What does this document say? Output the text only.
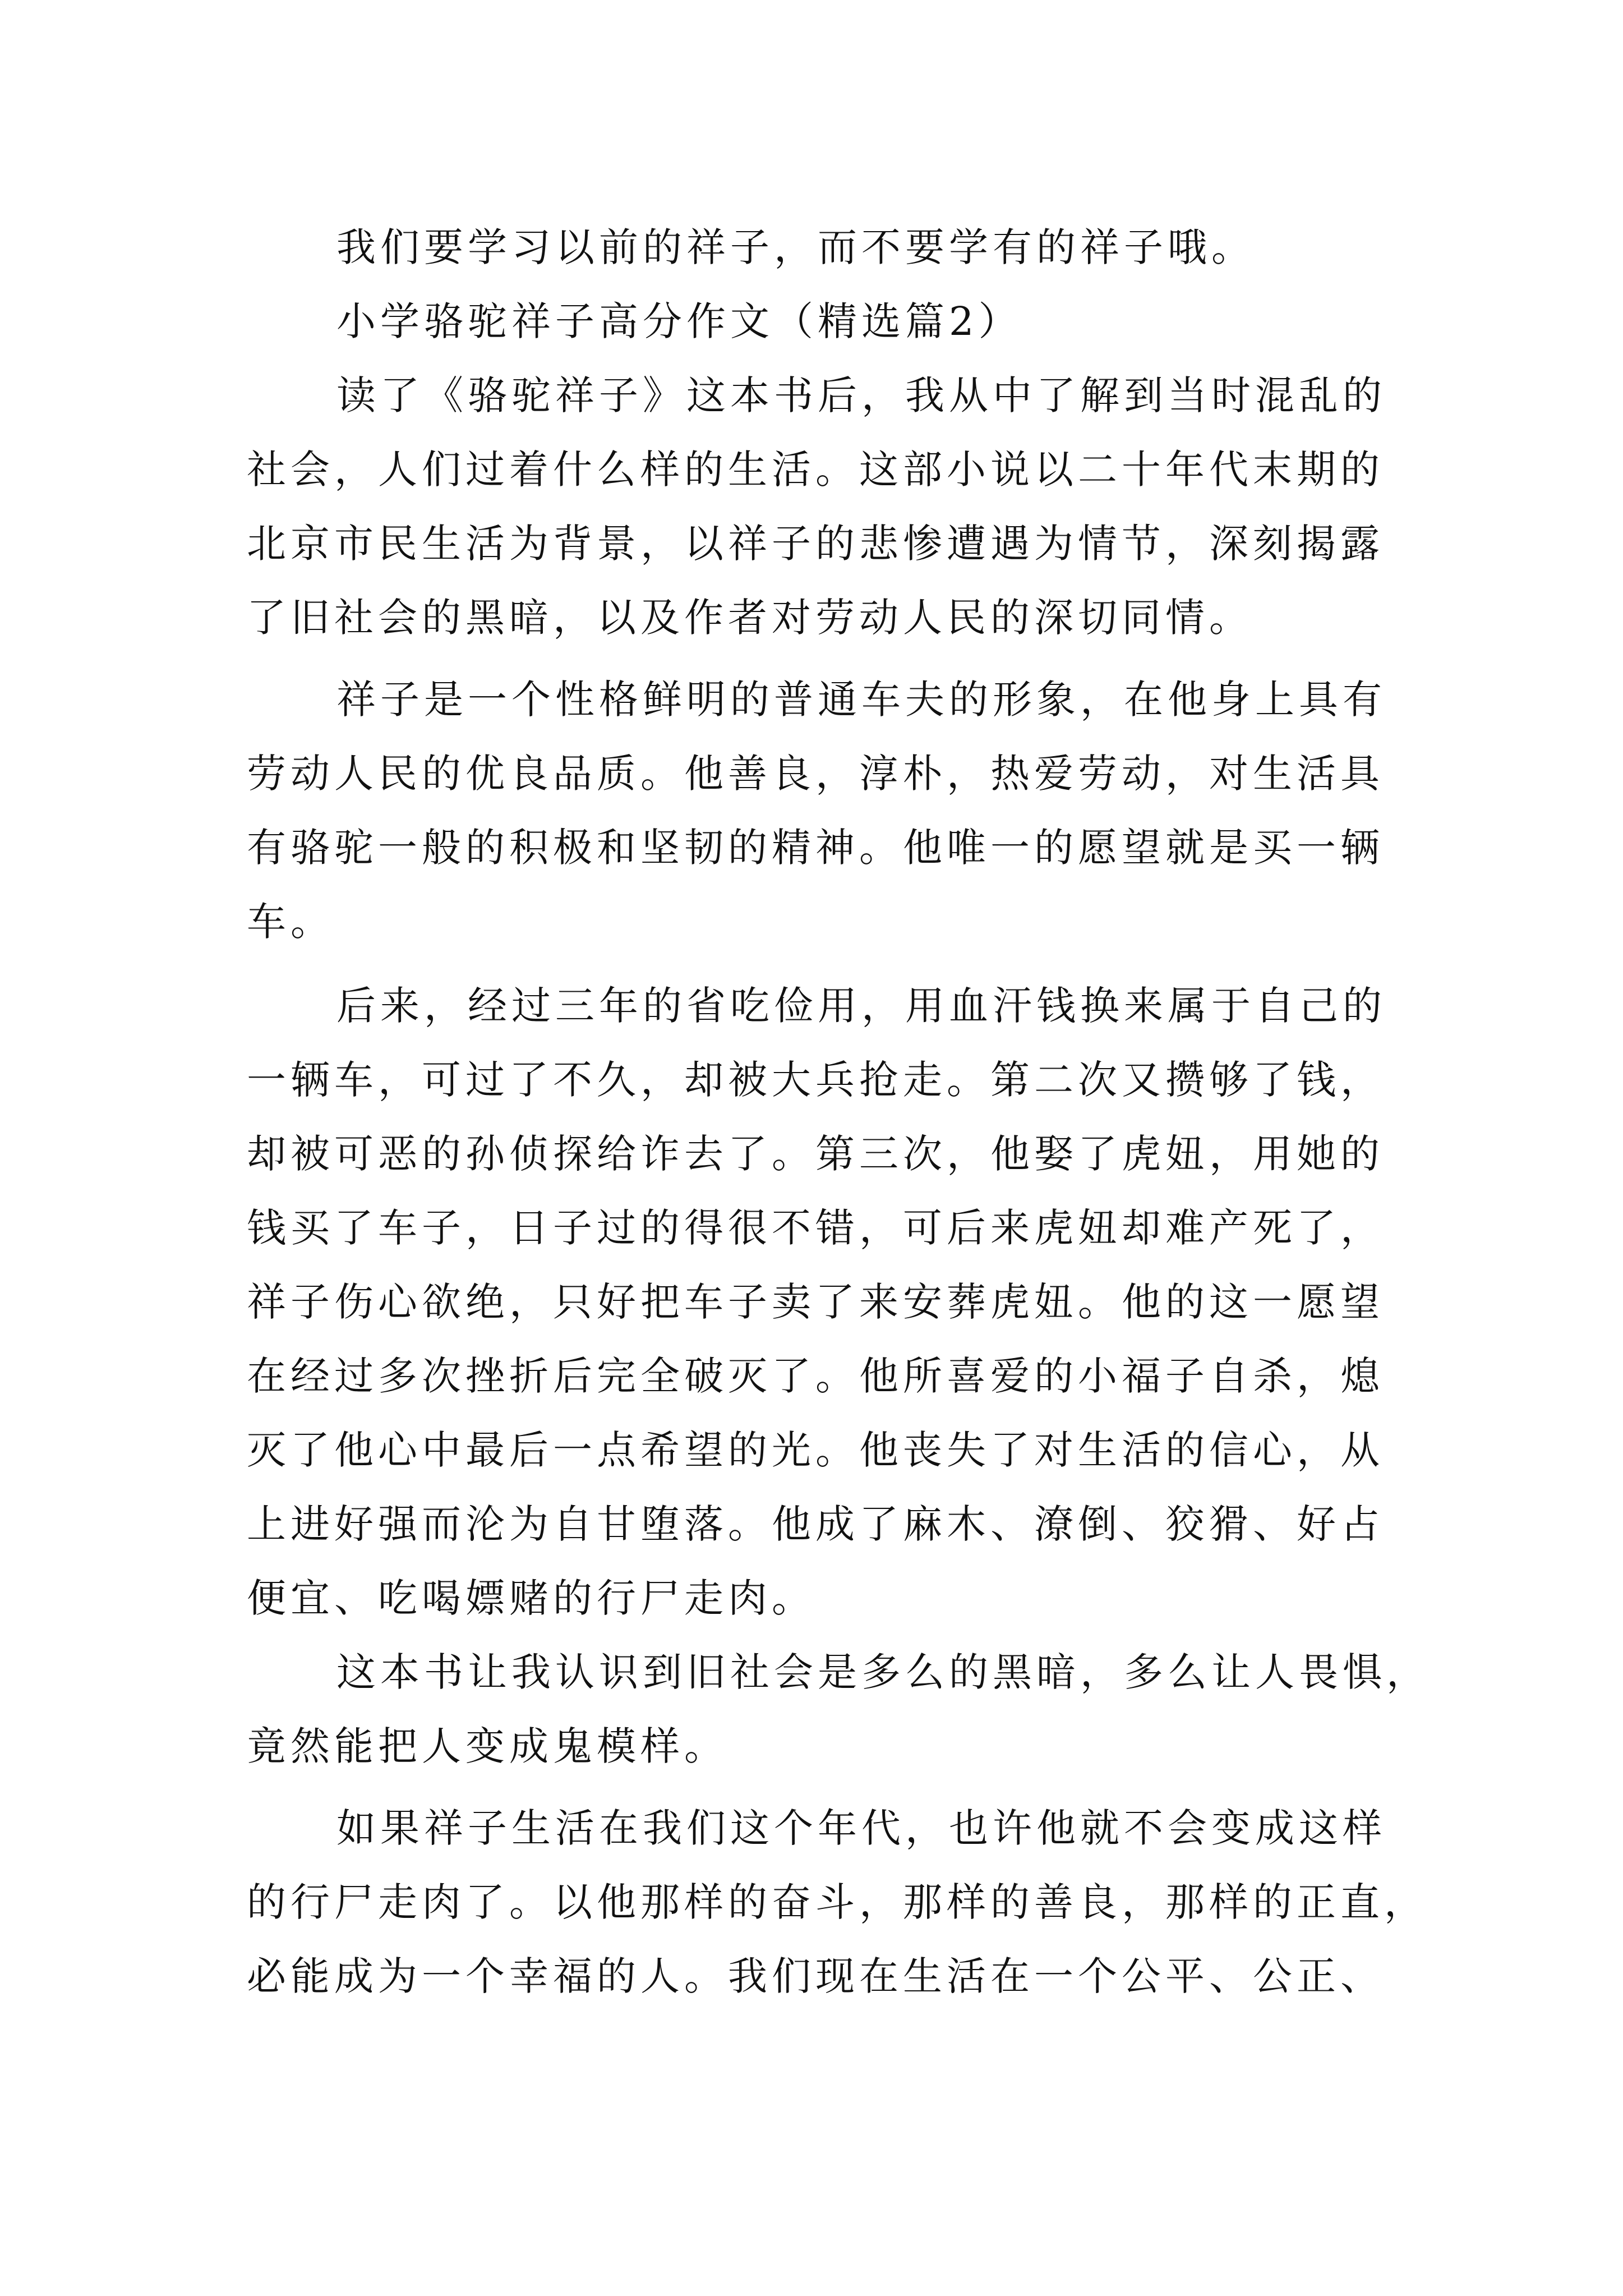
我们要学习以前的祥子，而不要学有的祥子哦。
小学骆驼祥子高分作文（精选篇2）
读了《骆驼祥子》这本书后，我从中了解到当时混乱的
社会，人们过着什么样的生活。这部小说以二十年代末期的
北京市民生活为背景，以祥子的悲惨遭遇为情节，深刻揭露
了旧社会的黑暗，以及作者对劳动人民的深切同情。
祥子是一个性格鲜明的普通车夫的形象，在他身上具有
劳动人民的优良品质。他善良，淳朴，热爱劳动，对生活具
有骆驼一般的积极和坚韧的精神。他唯一的愿望就是买一辆
车。
后来，经过三年的省吃俭用，用血汗钱换来属于自己的
一辆车，可过了不久，却被大兵抢走。第二次又攒够了钱，
却被可恶的孙侦探给诈去了。第三次，他娶了虎妞，用她的
钱买了车子，日子过的得很不错，可后来虎妞却难产死了，
祥子伤心欲绝，只好把车子卖了来安葬虎妞。他的这一愿望
在经过多次挫折后完全破灭了。他所喜爱的小福子自杀，熄
灭了他心中最后一点希望的光。他丧失了对生活的信心，从
上进好强而沦为自甘堕落。他成了麻木、潦倒、狡猾、好占
便宜、吃喝嫖赌的行尸走肉。
这本书让我认识到旧社会是多么的黑暗，多么让人畏惧，
竟然能把人变成鬼模样。
如果祥子生活在我们这个年代，也许他就不会变成这样
的行尸走肉了。以他那样的奋斗，那样的善良，那样的正直，
必能成为一个幸福的人。我们现在生活在一个公平、公正、
